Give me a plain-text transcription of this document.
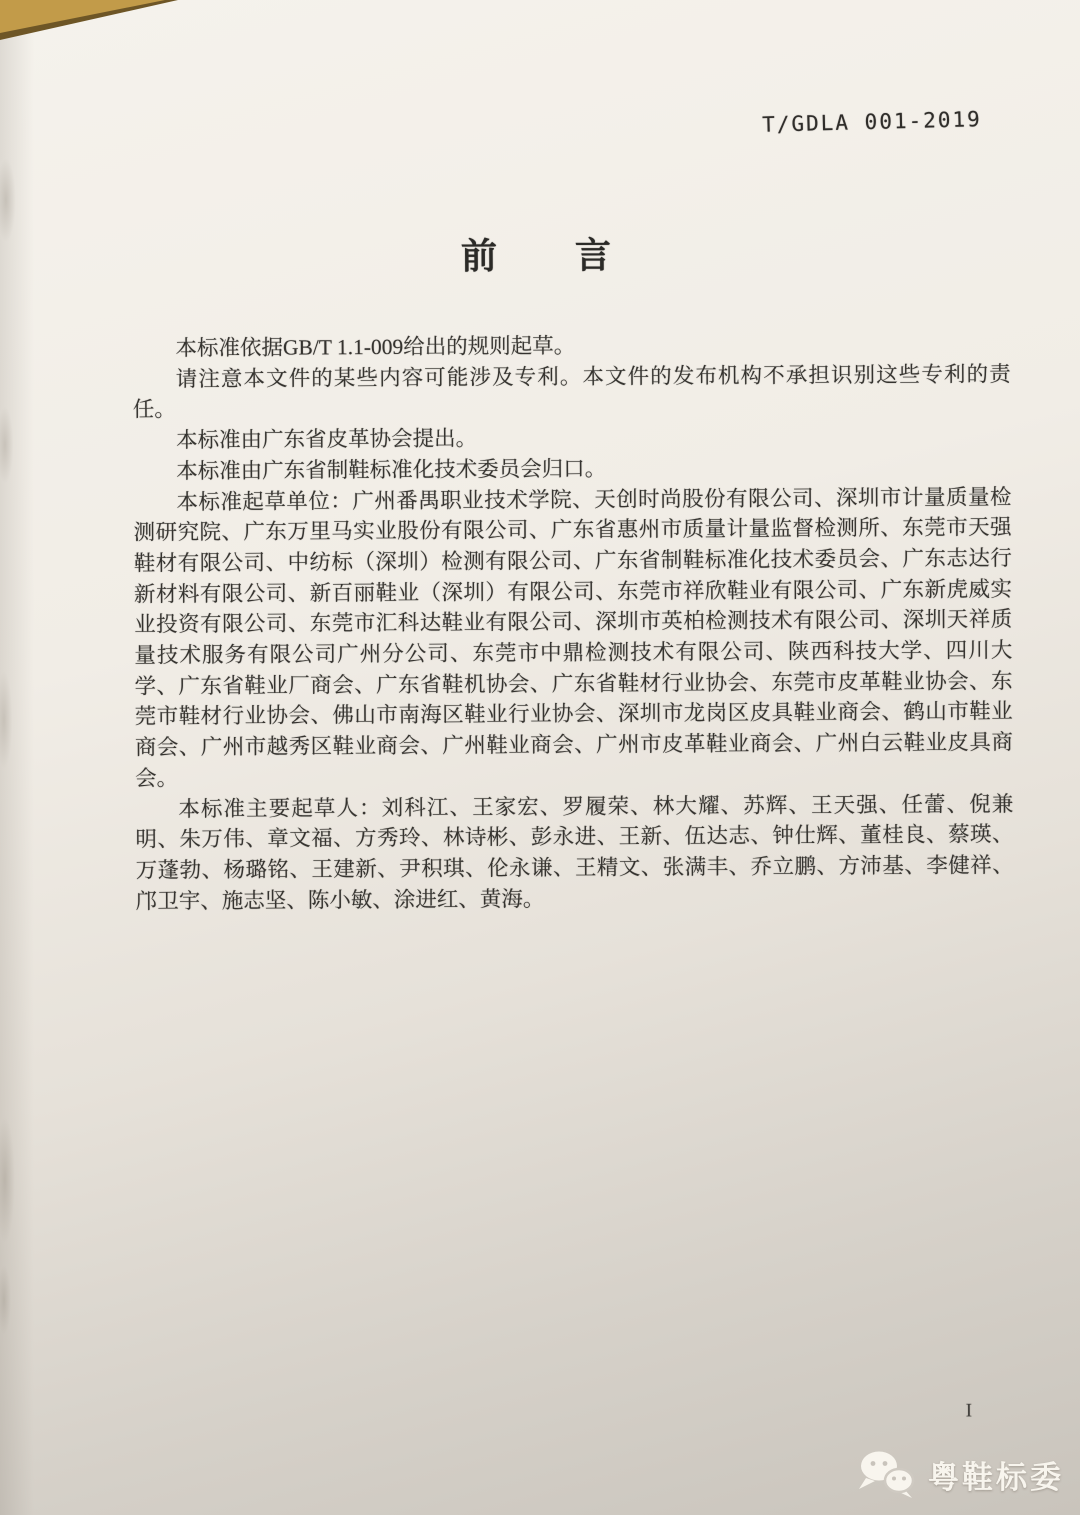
T/GDLA 001-2019
前　　言

本标准依据GB/T 1.1-009给出的规则起草。

请注意本文件的某些内容可能涉及专利。本文件的发布机构不承担识别这些专利的责任。

本标准由广东省皮革协会提出。

本标准由广东省制鞋标准化技术委员会归口。

本标准起草单位：广州番禺职业技术学院、天创时尚股份有限公司、深圳市计量质量检测研究院、广东万里马实业股份有限公司、广东省惠州市质量计量监督检测所、东莞市天强鞋材有限公司、中纺标（深圳）检测有限公司、广东省制鞋标准化技术委员会、广东志达行新材料有限公司、新百丽鞋业（深圳）有限公司、东莞市祥欣鞋业有限公司、广东新虎威实业投资有限公司、东莞市汇科达鞋业有限公司、深圳市英柏检测技术有限公司、深圳天祥质量技术服务有限公司广州分公司、东莞市中鼎检测技术有限公司、陕西科技大学、四川大学、广东省鞋业厂商会、广东省鞋机协会、广东省鞋材行业协会、东莞市皮革鞋业协会、东莞市鞋材行业协会、佛山市南海区鞋业行业协会、深圳市龙岗区皮具鞋业商会、鹤山市鞋业商会、广州市越秀区鞋业商会、广州鞋业商会、广州市皮革鞋业商会、广州白云鞋业皮具商会。

本标准主要起草人：刘科江、王家宏、罗履荣、林大耀、苏辉、王天强、任蕾、倪兼明、朱万伟、章文福、方秀玲、林诗彬、彭永进、王新、伍达志、钟仕辉、董桂良、蔡瑛、万蓬勃、杨璐铭、王建新、尹积琪、伦永谦、王精文、张满丰、乔立鹏、方沛基、李健祥、邝卫宇、施志坚、陈小敏、涂进红、黄海。

I
粤鞋标委
